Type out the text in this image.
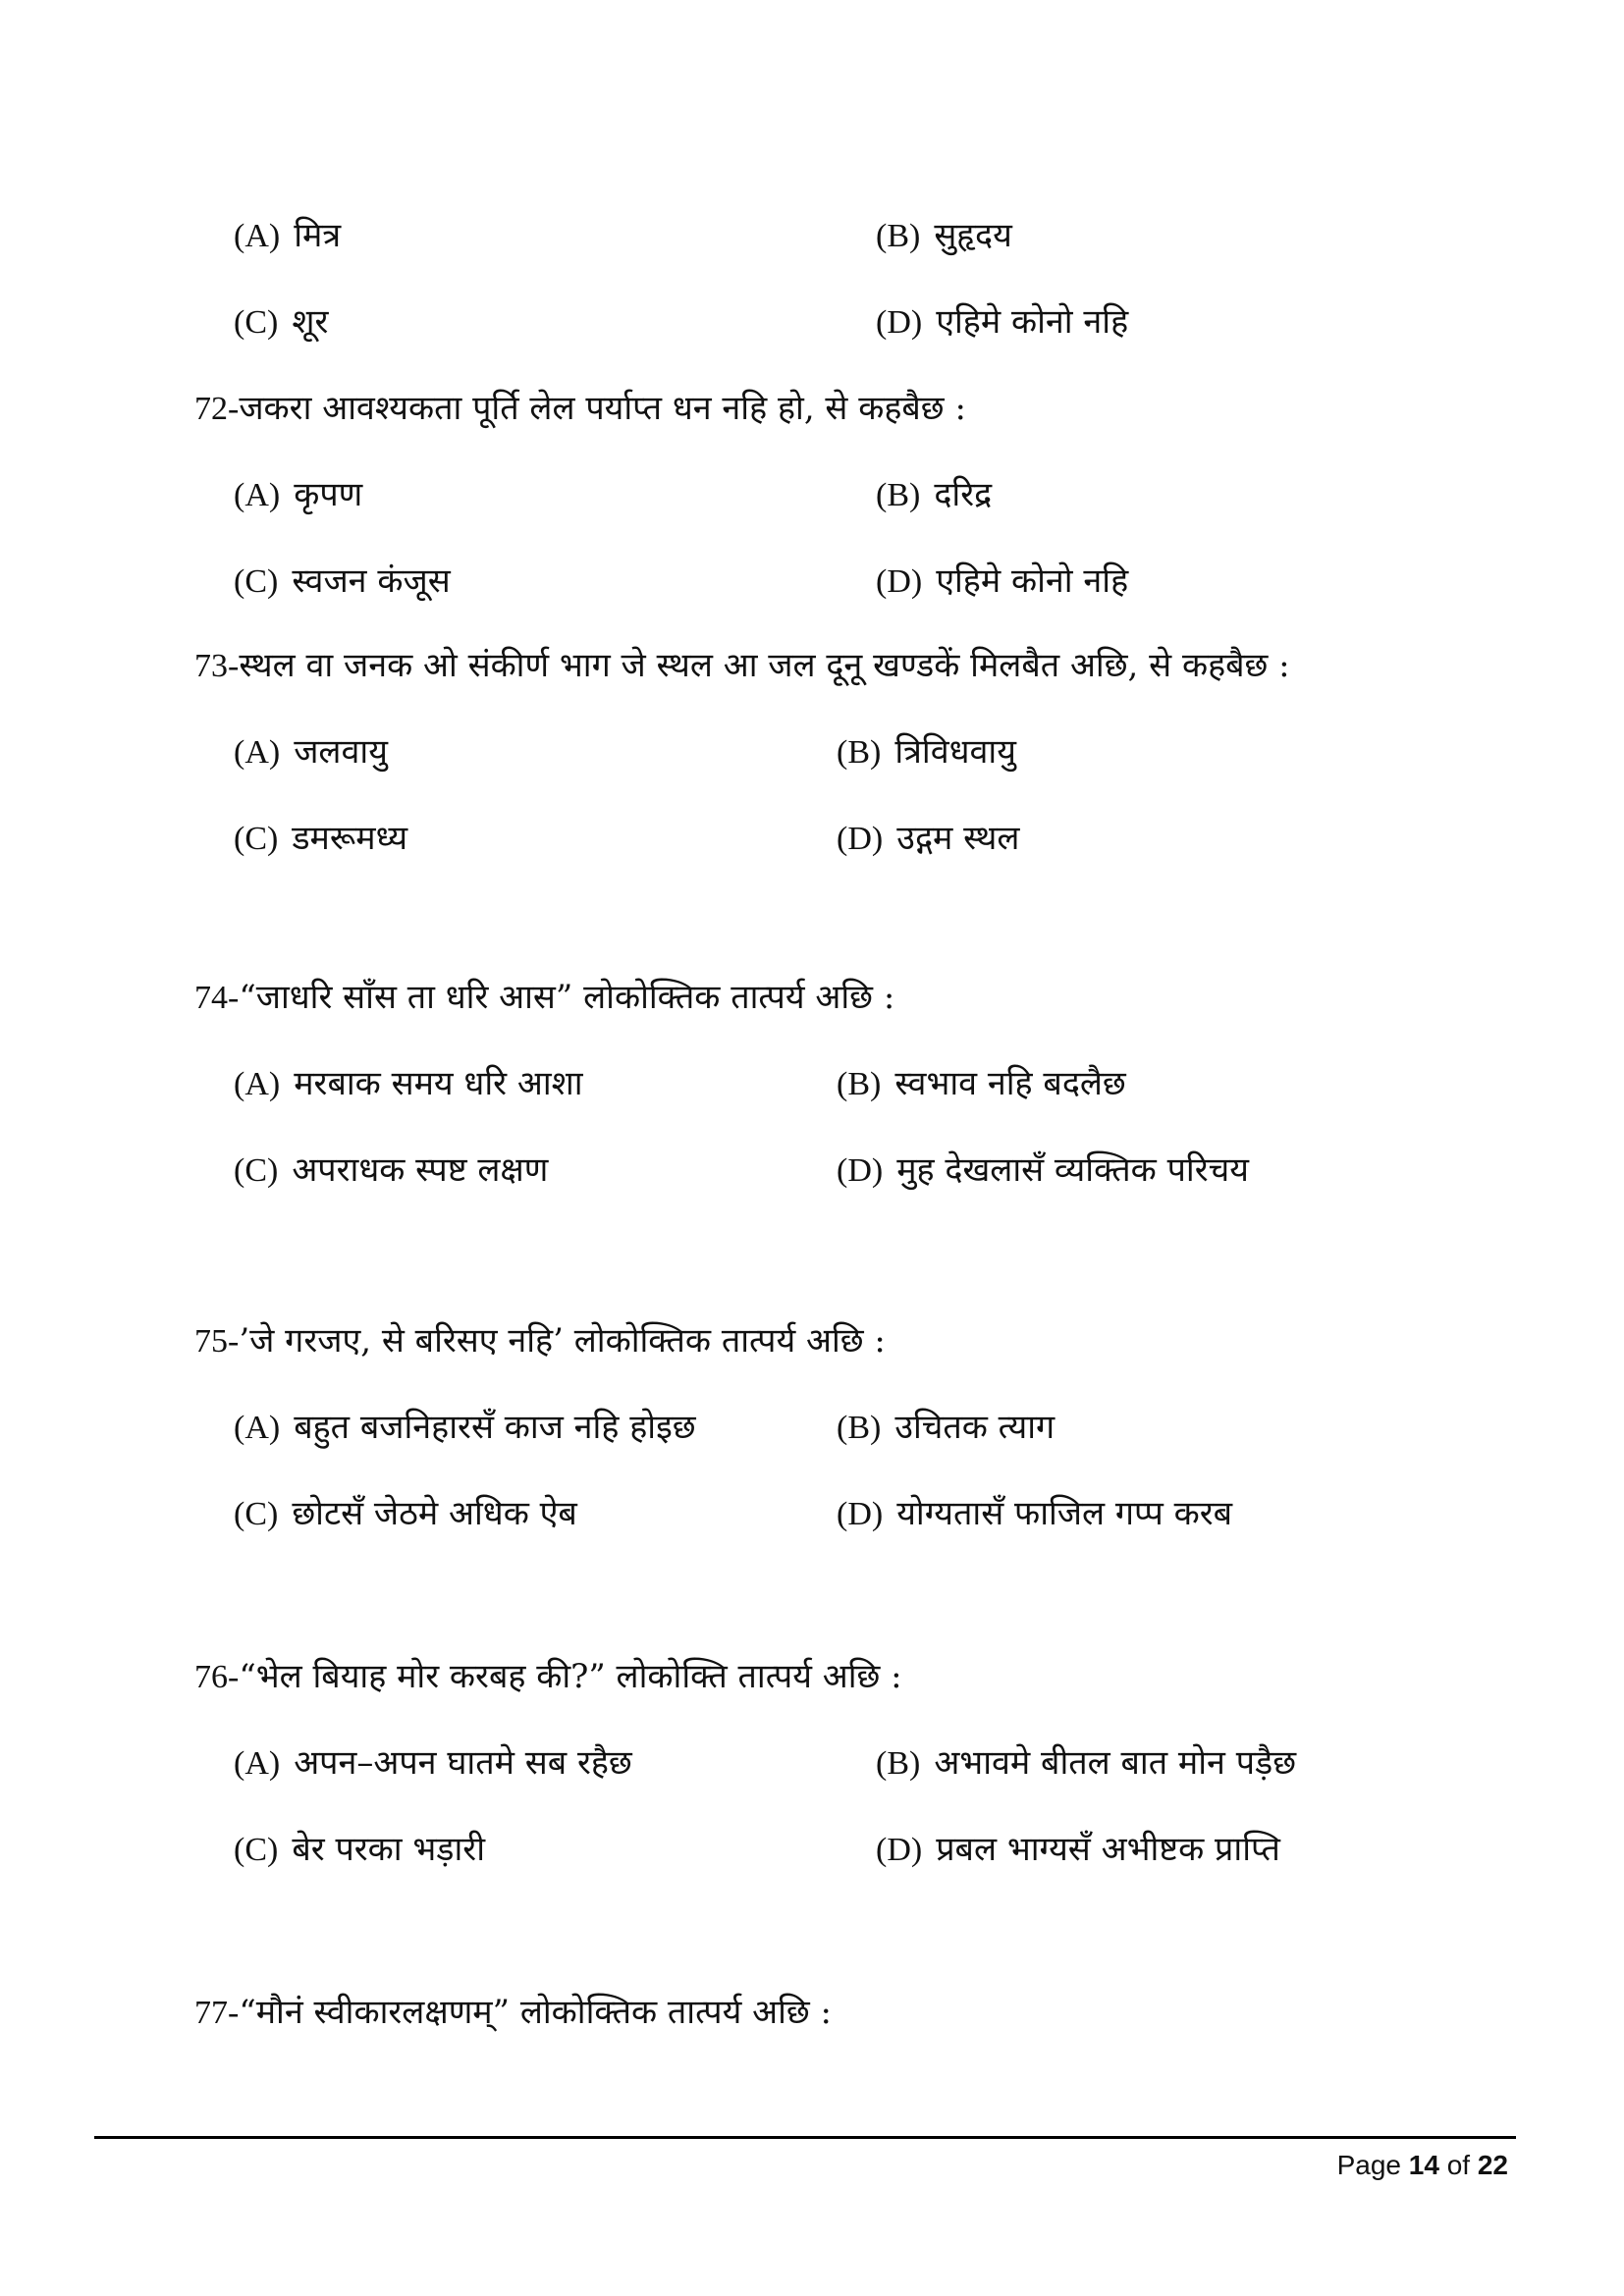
(A) मित्र	(B) सुहृदय
(C) शूर	(D) एहिमे कोनो नहि
72-जकरा आवश्यकता पूर्ति लेल पर्याप्त धन नहि हो, से कहबैछ :
(A) कृपण	(B) दरिद्र
(C) स्वजन कंजूस	(D) एहिमे कोनो नहि
73-स्थल वा जनक ओ संकीर्ण भाग जे स्थल आ जल दूनू खण्डकें मिलबैत अछि, से कहबैछ :
(A) जलवायु	(B) त्रिविधवायु
(C) डमरूमध्य	(D) उद्गम स्थल
74-“जाधरि साँस ता धरि आस” लोकोक्तिक तात्पर्य अछि :
(A) मरबाक समय धरि आशा	(B) स्वभाव नहि बदलैछ
(C) अपराधक स्पष्ट लक्षण	(D) मुह देखलासँ व्यक्तिक परिचय
75-’जे गरजए, से बरिसए नहि’ लोकोक्तिक तात्पर्य अछि :
(A) बहुत बजनिहारसँ काज नहि होइछ	(B) उचितक त्याग
(C) छोटसँ जेठमे अधिक ऐब	(D) योग्यतासँ फाजिल गप्प करब
76-“भेल बियाह मोर करबह की?” लोकोक्ति तात्पर्य अछि :
(A) अपन–अपन घातमे सब रहैछ	(B) अभावमे बीतल बात मोन पड़ैछ
(C) बेर परका भड़ारी	(D) प्रबल भाग्यसँ अभीष्टक प्राप्ति
77-“मौनं स्वीकारलक्षणम्” लोकोक्तिक तात्पर्य अछि :
Page 14 of 22
